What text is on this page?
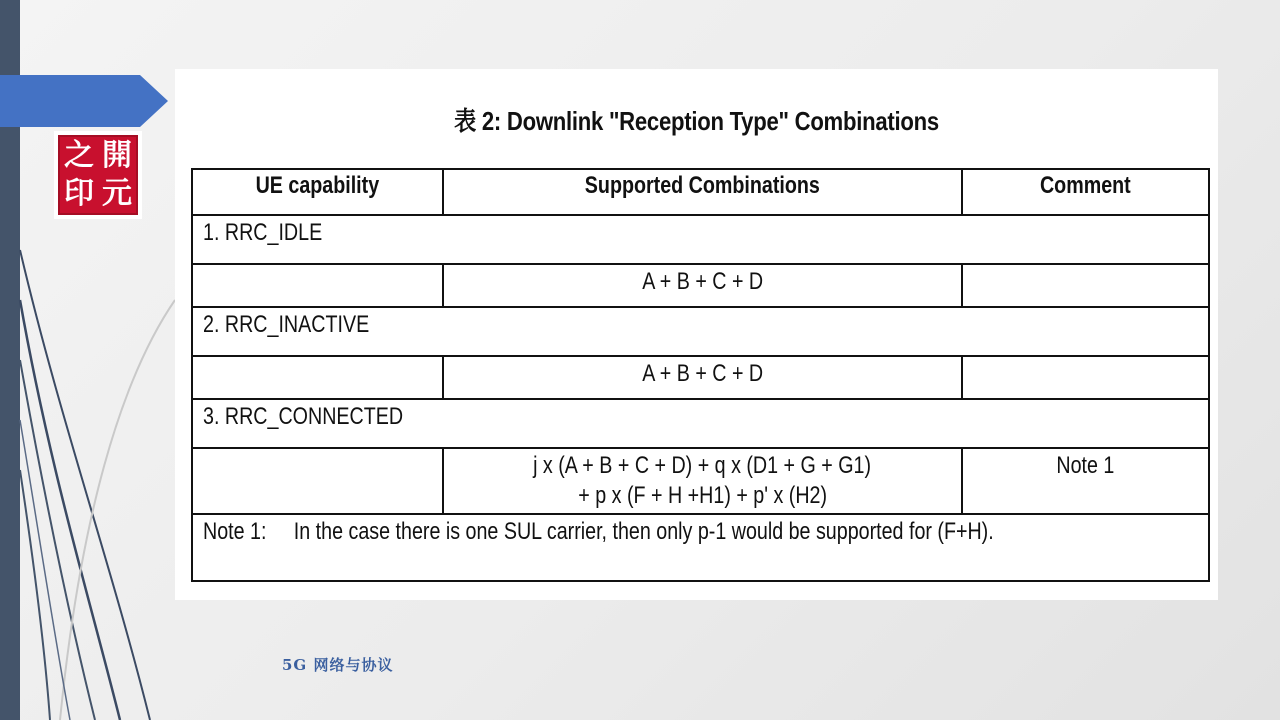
之 開
印 元
表 2: Downlink "Reception Type" Combinations
UE capability	Supported Combinations	Comment
1. RRC_IDLE		
	A + B + C + D	
2. RRC_INACTIVE		
	A + B + C + D	
3. RRC_CONNECTED		
	j x (A + B + C + D) + q x (D1 + G + G1)
+ p x (F + H +H1) + p' x (H2)	Note 1
Note 1:     In the case there is one SUL carrier, then only p-1 would be supported for (F+H).		
5G 网络与协议
